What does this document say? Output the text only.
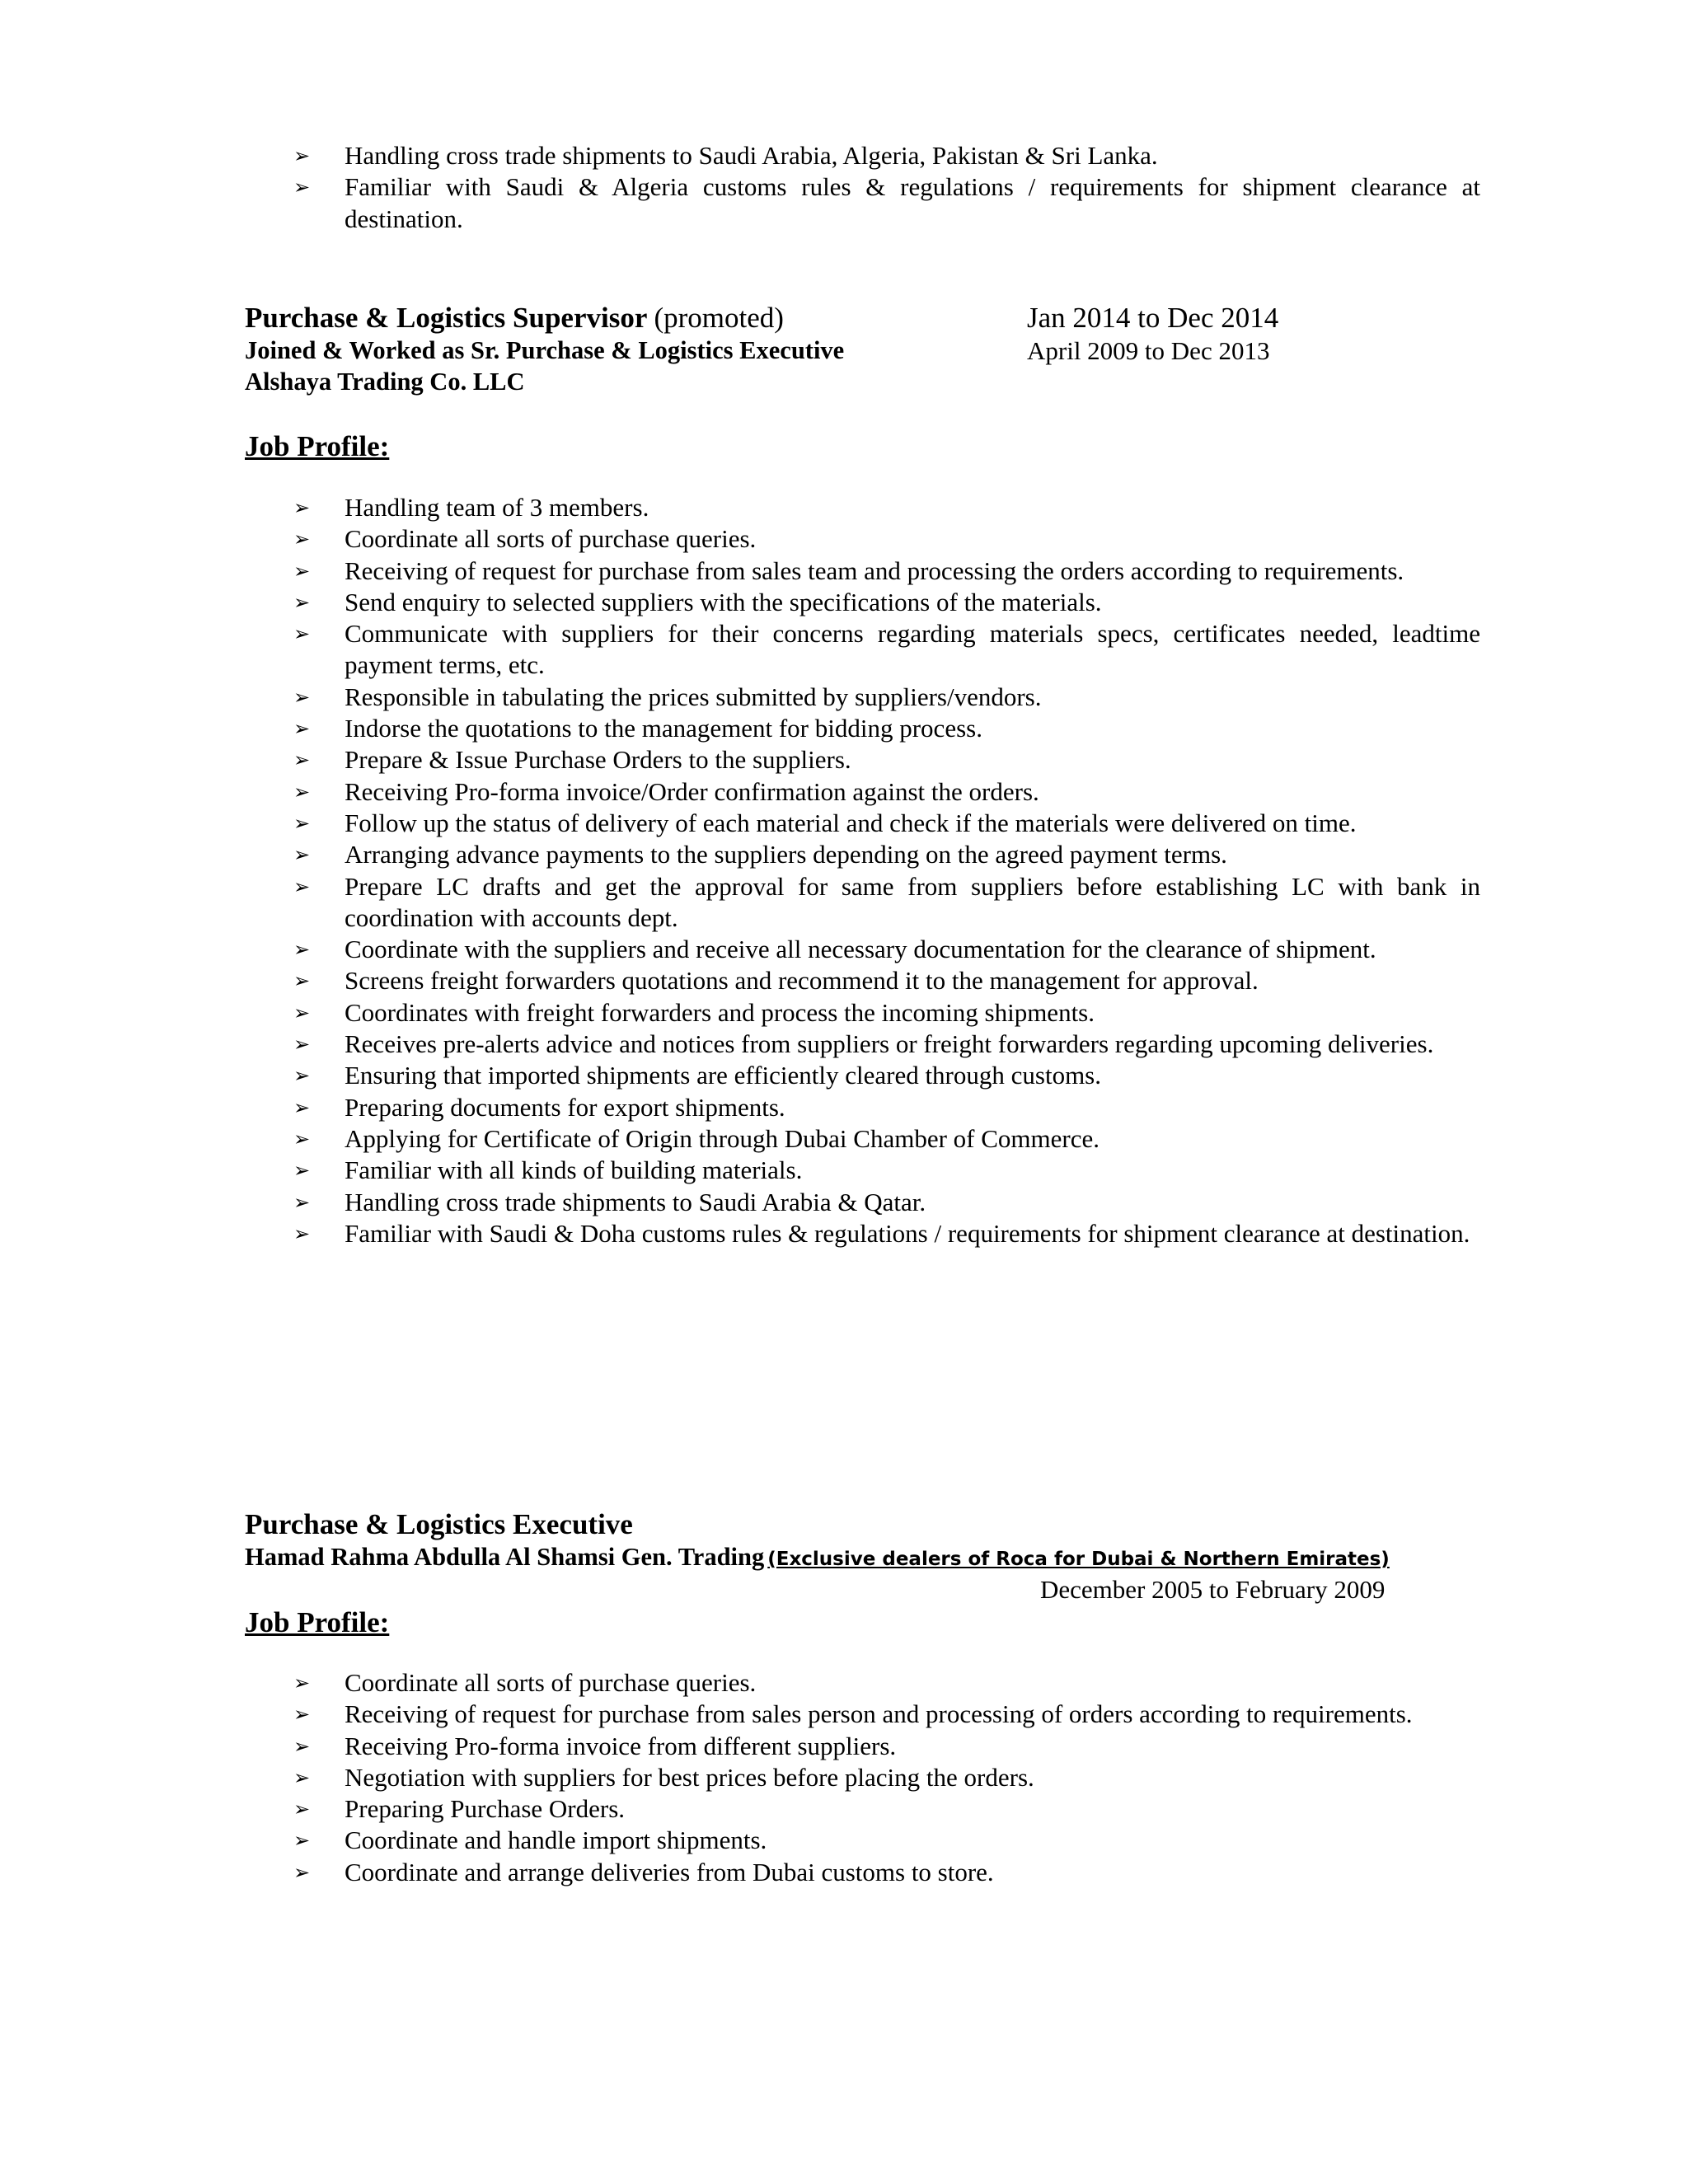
➢ Handling cross trade shipments to Saudi Arabia, Algeria, Pakistan & Sri Lanka.
➢ Familiar with Saudi & Algeria customs rules & regulations / requirements for shipment clearance at destination.
Purchase & Logistics Supervisor (promoted)	Jan 2014 to Dec 2014
Joined & Worked as Sr. Purchase & Logistics Executive	April 2009 to Dec 2013
Alshaya Trading Co. LLC
Job Profile:
➢ Handling team of 3 members.
➢ Coordinate all sorts of purchase queries.
➢ Receiving of request for purchase from sales team and processing the orders according to requirements.
➢ Send enquiry to selected suppliers with the specifications of the materials.
➢ Communicate with suppliers for their concerns regarding materials specs, certificates needed, leadtime payment terms, etc.
➢ Responsible in tabulating the prices submitted by suppliers/vendors.
➢ Indorse the quotations to the management for bidding process.
➢ Prepare & Issue Purchase Orders to the suppliers.
➢ Receiving Pro-forma invoice/Order confirmation against the orders.
➢ Follow up the status of delivery of each material and check if the materials were delivered on time.
➢ Arranging advance payments to the suppliers depending on the agreed payment terms.
➢ Prepare LC drafts and get the approval for same from suppliers before establishing LC with bank in coordination with accounts dept.
➢ Coordinate with the suppliers and receive all necessary documentation for the clearance of shipment.
➢ Screens freight forwarders quotations and recommend it to the management for approval.
➢ Coordinates with freight forwarders and process the incoming shipments.
➢ Receives pre-alerts advice and notices from suppliers or freight forwarders regarding upcoming deliveries.
➢ Ensuring that imported shipments are efficiently cleared through customs.
➢ Preparing documents for export shipments.
➢ Applying for Certificate of Origin through Dubai Chamber of Commerce.
➢ Familiar with all kinds of building materials.
➢ Handling cross trade shipments to Saudi Arabia & Qatar.
➢ Familiar with Saudi & Doha customs rules & regulations / requirements for shipment clearance at destination.
Purchase & Logistics Executive
Hamad Rahma Abdulla Al Shamsi Gen. Trading (Exclusive dealers of Roca for Dubai & Northern Emirates)
December 2005 to February 2009
Job Profile:
➢ Coordinate all sorts of purchase queries.
➢ Receiving of request for purchase from sales person and processing of orders according to requirements.
➢ Receiving Pro-forma invoice from different suppliers.
➢ Negotiation with suppliers for best prices before placing the orders.
➢ Preparing Purchase Orders.
➢ Coordinate and handle import shipments.
➢ Coordinate and arrange deliveries from Dubai customs to store.
